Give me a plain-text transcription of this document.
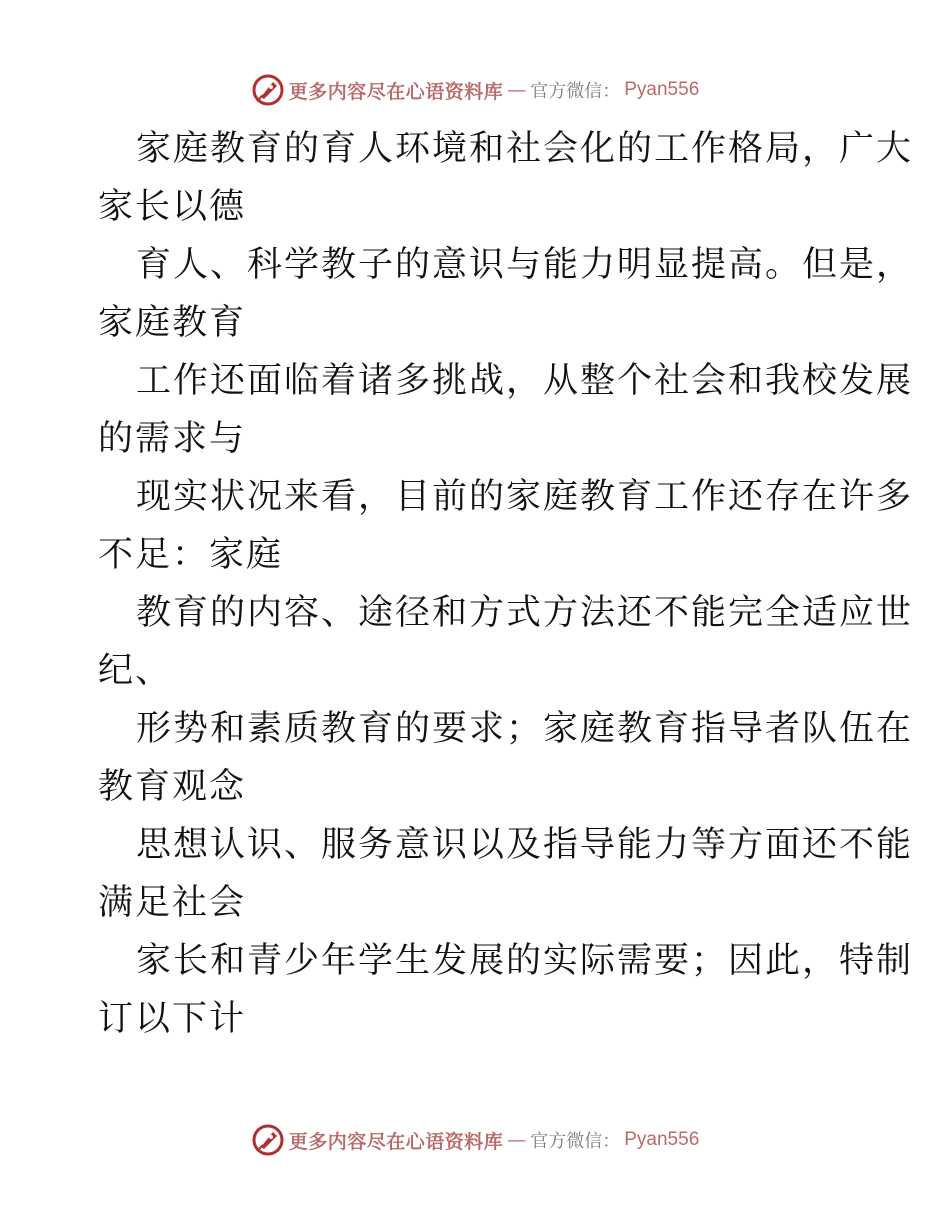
更多内容尽在心语资料库 — 官方微信： Pyan556

家庭教育的育人环境和社会化的工作格局，广大

家长以德

育人、科学教子的意识与能力明显提高。但是，

家庭教育

工作还面临着诸多挑战，从整个社会和我校发展

的需求与

现实状况来看，目前的家庭教育工作还存在许多

不足：家庭

教育的内容、途径和方式方法还不能完全适应世

纪、

形势和素质教育的要求；家庭教育指导者队伍在

教育观念

思想认识、服务意识以及指导能力等方面还不能

满足社会

家长和青少年学生发展的实际需要；因此，特制

订以下计

更多内容尽在心语资料库 — 官方微信： Pyan556
